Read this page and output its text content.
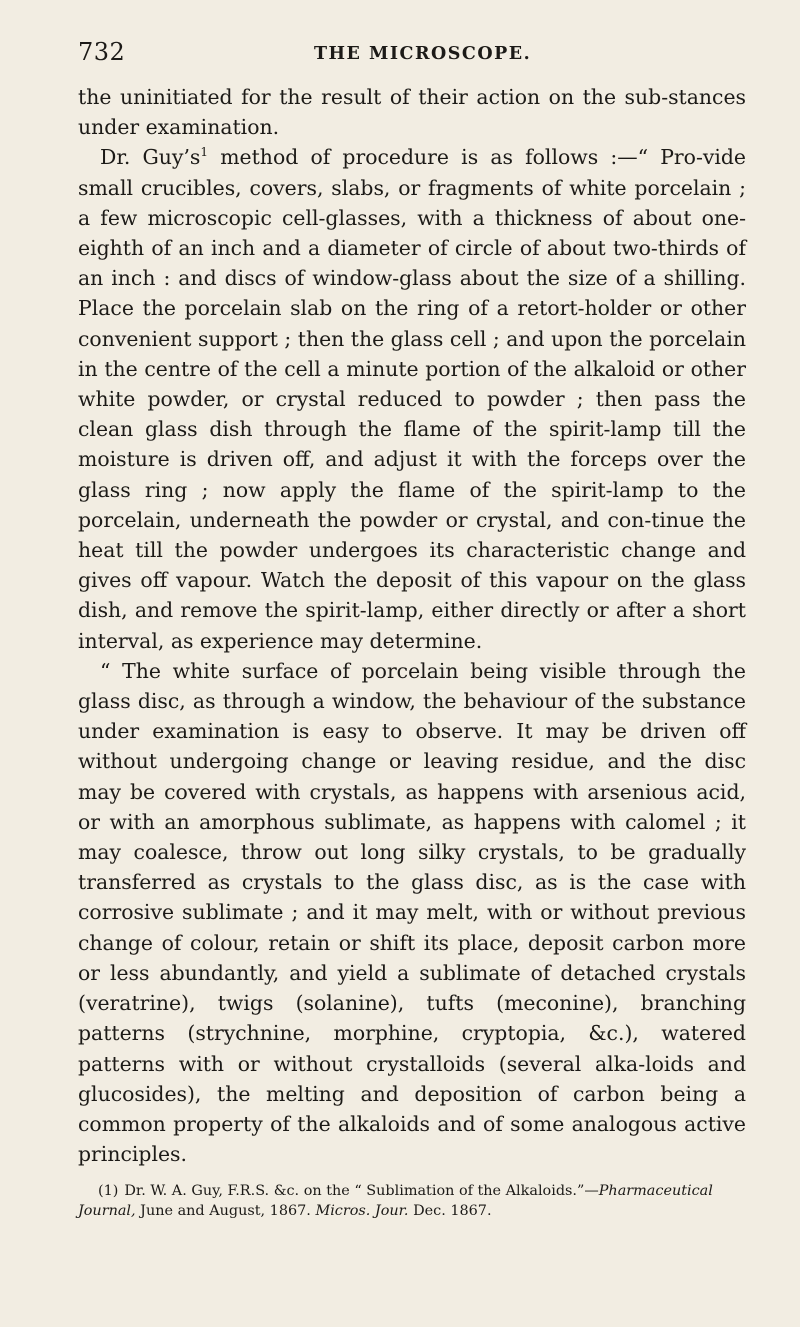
732	THE MICROSCOPE.

the uninitiated for the result of their action on the sub-stances under examination.

Dr. $Guy’s^1$ method of procedure is as follows :—“ Pro-vide small crucibles, covers, slabs, or fragments of white porcelain ; a few microscopic cell-glasses, with a thickness of about one-eighth of an inch and a diameter of circle of about two-thirds of an inch : and discs of window-glass about the size of a shilling. Place the porcelain slab on the ring of a retort-holder or other convenient support ; then the glass cell ; and upon the porcelain in the centre of the cell a minute portion of the alkaloid or other white powder, or crystal reduced to powder ; then pass the clean glass dish through the flame of the spirit-lamp till the moisture is driven off, and adjust it with the forceps over the glass ring ; now apply the flame of the spirit-lamp to the porcelain, underneath the powder or crystal, and con-tinue the heat till the powder undergoes its characteristic change and gives off vapour. Watch the deposit of this vapour on the glass dish, and remove the spirit-lamp, either directly or after a short interval, as experience may determine.

“ The white surface of porcelain being visible through the glass disc, as through a window, the behaviour of the substance under examination is easy to observe. It may be driven off without undergoing change or leaving residue, and the disc may be covered with crystals, as happens with arsenious acid, or with an amorphous sublimate, as happens with calomel ; it may coalesce, throw out long silky crystals, to be gradually transferred as crystals to the glass disc, as is the case with corrosive sublimate ; and it may melt, with or without previous change of colour, retain or shift its place, deposit carbon more or less abundantly, and yield a sublimate of detached crystals (veratrine), twigs (solanine), tufts (meconine), branching patterns (strychnine, morphine, cryptopia, &c.), watered patterns with or without crystalloids (several alka-loids and glucosides), the melting and deposition of carbon being a common property of the alkaloids and of some analogous active principles.

(1) Dr. W. A. Guy, F.R.S. &c. on the “ Sublimation of the Alkaloids.”—Pharmaceutical Journal, June and August, 1867. Micros. Jour. Dec. 1867.
